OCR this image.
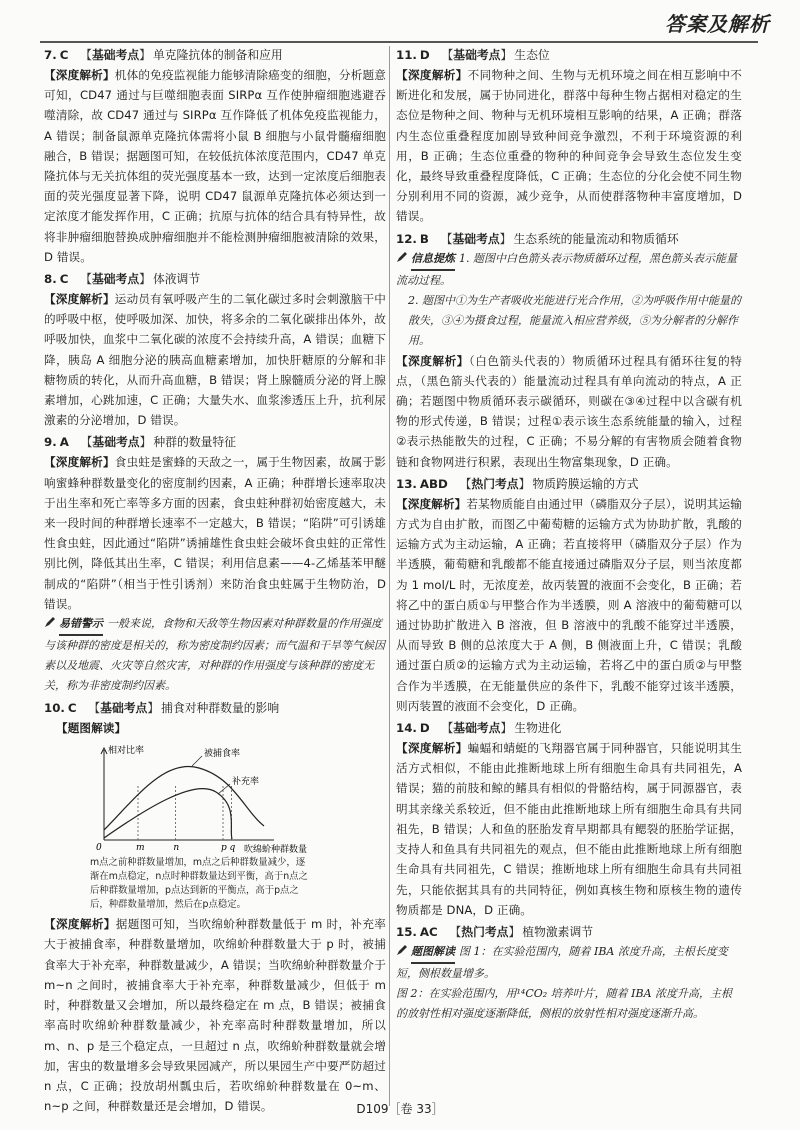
答案及解析
7. C 【基础考点】 单克隆抗体的制备和应用
【深度解析】机体的免疫监视能力能够清除癌变的细胞，分析题意可知，CD47 通过与巨噬细胞表面 SIRPα 互作使肿瘤细胞逃避吞噬清除，故 CD47 通过与 SIRPα 互作降低了机体免疫监视能力，A 错误；制备鼠源单克隆抗体需将小鼠 B 细胞与小鼠骨髓瘤细胞融合，B 错误；据题图可知，在较低抗体浓度范围内，CD47 单克隆抗体与无关抗体组的荧光强度基本一致，达到一定浓度后细胞表面的荧光强度显著下降，说明 CD47 鼠源单克隆抗体必须达到一定浓度才能发挥作用，C 正确；抗原与抗体的结合具有特异性，故将非肿瘤细胞替换成肿瘤细胞并不能检测肿瘤细胞被清除的效果，D 错误。
8. C 【基础考点】 体液调节
【深度解析】运动员有氧呼吸产生的二氧化碳过多时会刺激脑干中的呼吸中枢，使呼吸加深、加快，将多余的二氧化碳排出体外，故呼吸加快，血浆中二氧化碳的浓度不会持续升高，A 错误；血糖下降，胰岛 A 细胞分泌的胰高血糖素增加，加快肝糖原的分解和非糖物质的转化，从而升高血糖，B 错误；肾上腺髓质分泌的肾上腺素增加，心跳加速，C 正确；大量失水、血浆渗透压上升，抗利尿激素的分泌增加，D 错误。
9. A 【基础考点】 种群的数量特征
【深度解析】食虫蛀是蜜蜂的天敌之一，属于生物因素，故属于影响蜜蜂种群数量变化的密度制约因素，A 正确；种群增长速率取决于出生率和死亡率等多方面的因素，食虫蛀种群初始密度越大，未来一段时间的种群增长速率不一定越大，B 错误；“陷阱”可引诱雄性食虫蛀，因此通过“陷阱”诱捕雄性食虫蛀会破坏食虫蛀的正常性别比例，降低其出生率，C 错误；利用信息素——4-乙烯基苯甲醚制成的“陷阱”（相当于性引诱剂）来防治食虫蛀属于生物防治，D 错误。
易错警示 一般来说，食物和天敌等生物因素对种群数量的作用强度与该种群的密度是相关的，称为密度制约因素；而气温和干旱等气候因素以及地震、火灾等自然灾害，对种群的作用强度与该种群的密度无关，称为非密度制约因素。
10. C 【基础考点】 捕食对种群数量的影响
【题图解读】
相对比率
0	m	n	p q 吹绵蚧种群数量
被捕食率
补充率
m点之前种群数量增加，m点之后种群数量减少，逐渐在m点稳定，n点时种群数量达到平衡，高于n点之后种群数量增加，p点达到新的平衡点，高于p点之后，种群数量增加，然后在p点稳定。
【深度解析】据题图可知，当吹绵蚧种群数量低于 m 时，补充率大于被捕食率，种群数量增加，吹绵蚧种群数量大于 p 时，被捕食率大于补充率，种群数量减少，A 错误；当吹绵蚧种群数量介于 m~n 之间时，被捕食率大于补充率，种群数量减少，但低于 m 时，种群数量又会增加，所以最终稳定在 m 点，B 错误；被捕食率高时吹绵蚧种群数量减少，补充率高时种群数量增加，所以 m、n、p 是三个稳定点，一旦超过 n 点，吹绵蚧种群数量就会增加，害虫的数量增多会导致果园减产，所以果园生产中要严防超过 n 点，C 正确；投放胡州瓢虫后，若吹绵蚧种群数量在 0~m、n~p 之间，种群数量还是会增加，D 错误。
11. D 【基础考点】 生态位
【深度解析】不同物种之间、生物与无机环境之间在相互影响中不断进化和发展，属于协同进化，群落中每种生物占据相对稳定的生态位是物种之间、物种与无机环境相互影响的结果，A 正确；群落内生态位重叠程度加剧导致种间竞争激烈，不利于环境资源的利用，B 正确；生态位重叠的物种的种间竞争会导致生态位发生变化，最终导致重叠程度降低，C 正确；生态位的分化会使不同生物分别利用不同的资源，减少竞争，从而使群落物种丰富度增加，D 错误。
12. B 【基础考点】 生态系统的能量流动和物质循环
信息提炼 1. 题图中白色箭头表示物质循环过程，黑色箭头表示能量流动过程。
2. 题图中①为生产者吸收光能进行光合作用，②为呼吸作用中能量的散失，③④为摄食过程，能量流入相应营养级，⑤为分解者的分解作用。
【深度解析】（白色箭头代表的）物质循环过程具有循环往复的特点，（黑色箭头代表的）能量流动过程具有单向流动的特点，A 正确；若题图中物质循环表示碳循环，则碳在③④过程中以含碳有机物的形式传递，B 错误；过程①表示该生态系统能量的输入，过程②表示热能散失的过程，C 正确；不易分解的有害物质会随着食物链和食物网进行积累，表现出生物富集现象，D 正确。
13. ABD 【热门考点】 物质跨膜运输的方式
【深度解析】若某物质能自由通过甲（磷脂双分子层），说明其运输方式为自由扩散，而图乙中葡萄糖的运输方式为协助扩散，乳酸的运输方式为主动运输，A 正确；若直接将甲（磷脂双分子层）作为半透膜，葡萄糖和乳酸都不能直接通过磷脂双分子层，则当浓度都为 1 mol/L 时，无浓度差，故丙装置的液面不会变化，B 正确；若将乙中的蛋白质①与甲整合作为半透膜，则 A 溶液中的葡萄糖可以通过协助扩散进入 B 溶液，但 B 溶液中的乳酸不能穿过半透膜，从而导致 B 侧的总浓度大于 A 侧，B 侧液面上升，C 错误；乳酸通过蛋白质②的运输方式为主动运输，若将乙中的蛋白质②与甲整合作为半透膜，在无能量供应的条件下，乳酸不能穿过该半透膜，则丙装置的液面不会变化，D 正确。
14. D 【基础考点】 生物进化
【深度解析】蝙蝠和蜻蜓的飞翔器官属于同种器官，只能说明其生活方式相似，不能由此推断地球上所有细胞生命具有共同祖先，A 错误；猫的前肢和鲸的鳍具有相似的骨骼结构，属于同源器官，表明其亲缘关系较近，但不能由此推断地球上所有细胞生命具有共同祖先，B 错误；人和鱼的胚胎发育早期都具有鳃裂的胚胎学证据，支持人和鱼具有共同祖先的观点，但不能由此推断地球上所有细胞生命具有共同祖先，C 错误；推断地球上所有细胞生命具有共同祖先，只能依据其具有的共同特征，例如真核生物和原核生物的遗传物质都是 DNA，D 正确。
15. AC 【热门考点】 植物激素调节
题图解读 图 1：在实验范围内，随着 IBA 浓度升高，主根长度变短，侧根数量增多。
图 2：在实验范围内，用¹⁴CO₂ 培养叶片，随着 IBA 浓度升高，主根的放射性相对强度逐渐降低，侧根的放射性相对强度逐渐升高。
D109［卷 33］
